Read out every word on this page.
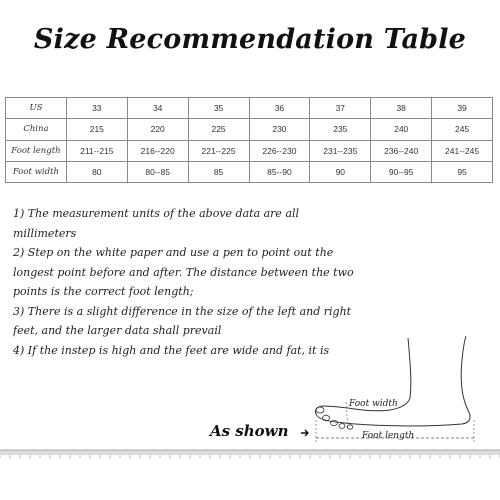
Size Recommendation Table
US	33	34	35	36	37	38	39
China	215	220	225	230	235	240	245
Foot length	211--215	216--220	221--225	226--230	231--235	236--240	241--245
Foot width	80	80--85	85	85--90	90	90--95	95
1) The measurement units of the above data are all
millimeters
2) Step on the white paper and use a pen to point out the
longest point before and after. The distance between the two
points is the correct foot length;
3) There is a slight difference in the size of the left and right
feet, and the larger data shall prevail
4) If the instep is high and the feet are wide and fat, it is
Foot width
Foot length
As shown
